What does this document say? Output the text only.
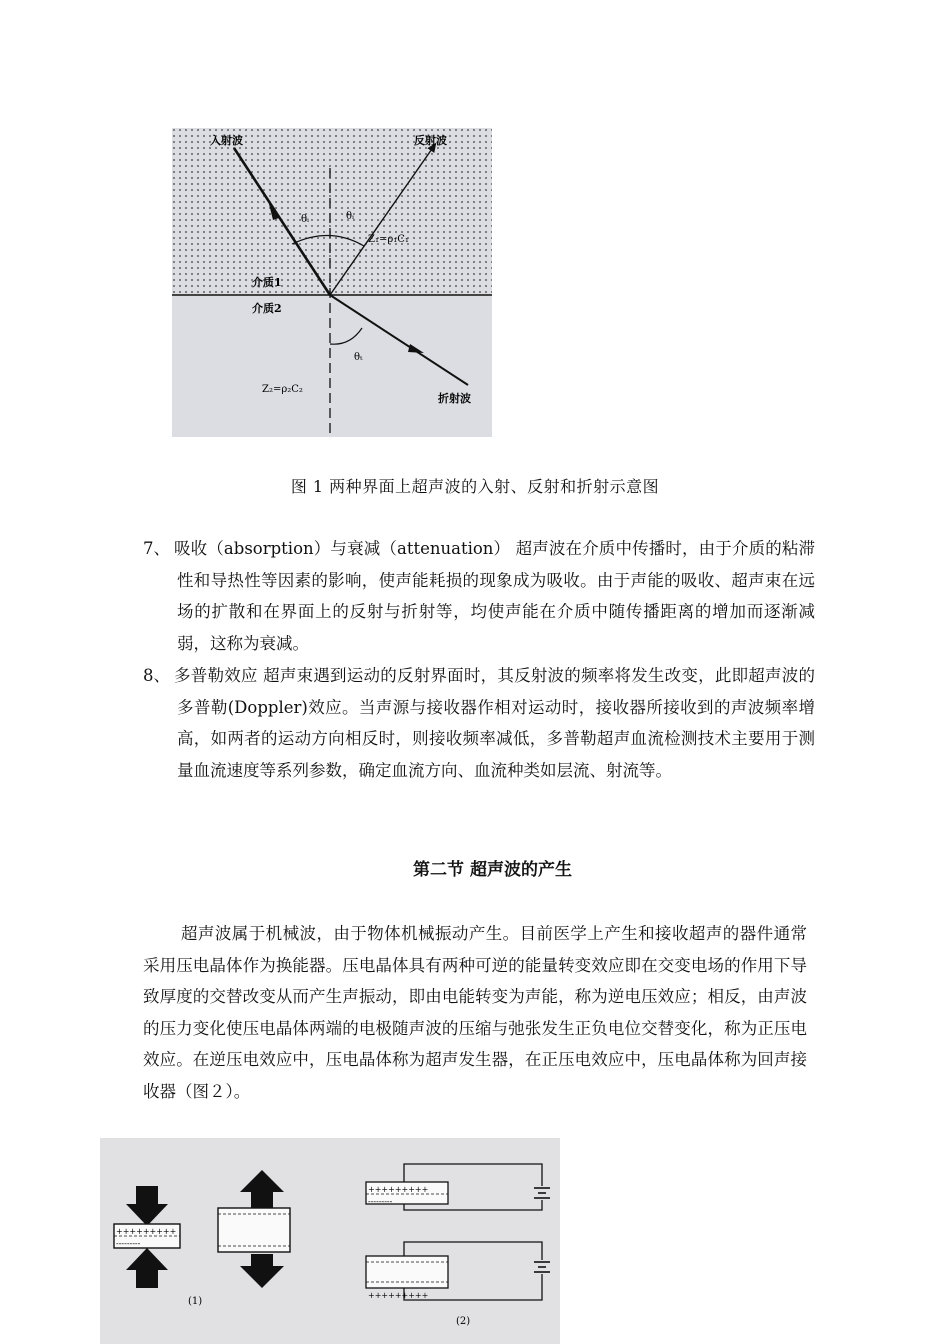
入射波	反射波
折射波
介质1
介质2
θᵢ	θᵢ
θₜ
Z₁=ρ₁C₁
Z₂=ρ₂C₂
图 1 两种界面上超声波的入射、反射和折射示意图
7、 吸收（absorption）与衰减（attenuation） 超声波在介质中传播时，由于介质的粘滞性和导热性等因素的影响，使声能耗损的现象成为吸收。由于声能的吸收、超声束在远场的扩散和在界面上的反射与折射等，均使声能在介质中随传播距离的增加而逐渐减弱，这称为衰减。
8、 多普勒效应 超声束遇到运动的反射界面时，其反射波的频率将发生改变，此即超声波的多普勒(Doppler)效应。当声源与接收器作相对运动时，接收器所接收到的声波频率增高，如两者的运动方向相反时，则接收频率减低，多普勒超声血流检测技术主要用于测量血流速度等系列参数，确定血流方向、血流种类如层流、射流等。
第二节 超声波的产生
超声波属于机械波，由于物体机械振动产生。目前医学上产生和接收超声的器件通常采用压电晶体作为换能器。压电晶体具有两种可逆的能量转变效应即在交变电场的作用下导致厚度的交替改变从而产生声振动，即由电能转变为声能，称为逆电压效应；相反，由声波的压力变化使压电晶体两端的电极随声波的压缩与弛张发生正负电位交替变化，称为正压电效应。在逆压电效应中，压电晶体称为超声发生器，在正压电效应中，压电晶体称为回声接收器（图２）。
+++++++++
---------
(1)
+++++++++
---------
+++++++++
(2)
